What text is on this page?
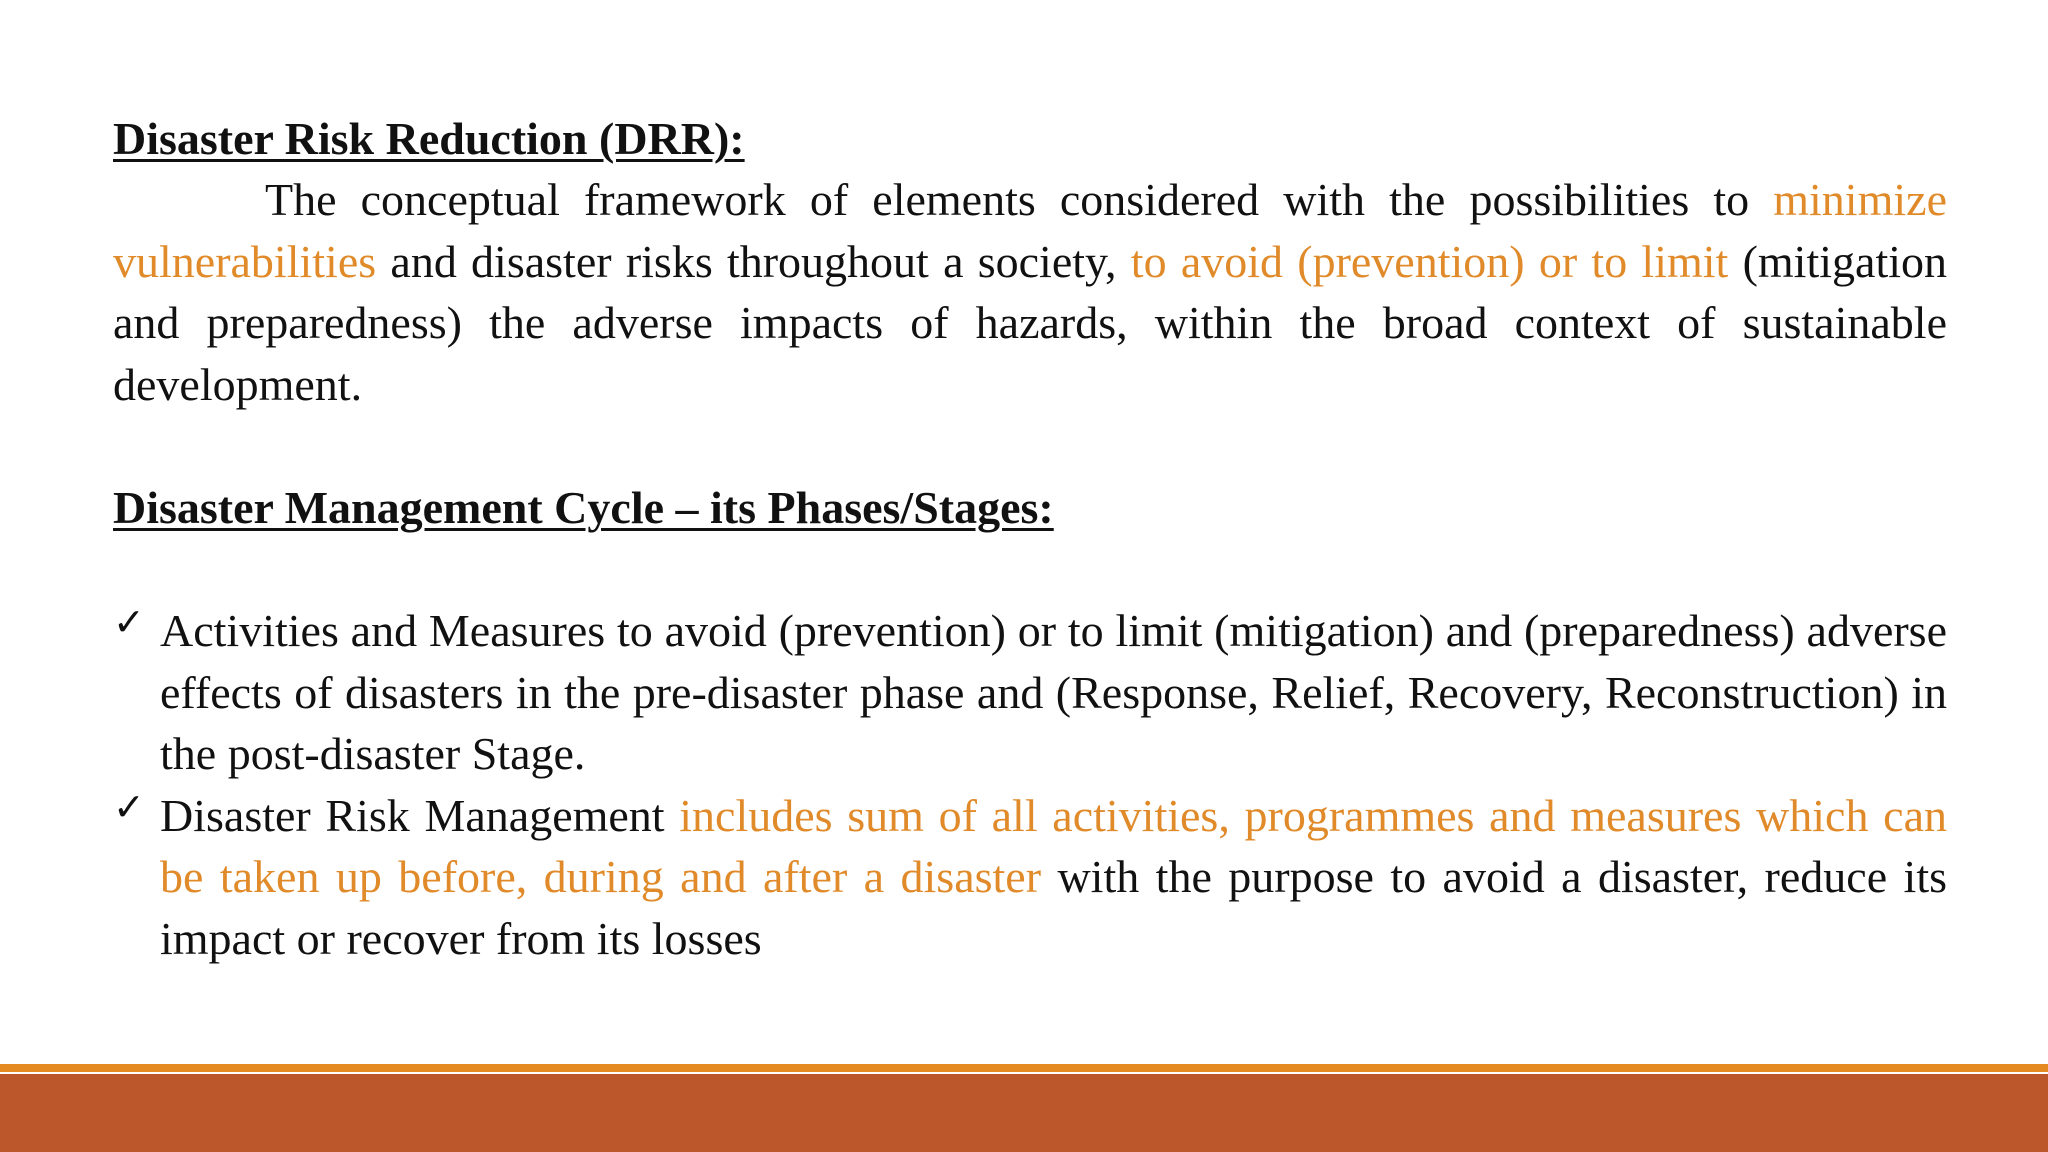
Disaster Risk Reduction (DRR):

The conceptual framework of elements considered with the possibilities to minimize vulnerabilities and disaster risks throughout a society, to avoid (prevention) or to limit (mitigation and preparedness) the adverse impacts of hazards, within the broad context of sustainable development.

Disaster Management Cycle – its Phases/Stages:

✓ Activities and Measures to avoid (prevention) or to limit (mitigation) and (preparedness) adverse effects of disasters in the pre-disaster phase and (Response, Relief, Recovery, Reconstruction) in the post-disaster Stage.
✓ Disaster Risk Management includes sum of all activities, programmes and measures which can be taken up before, during and after a disaster with the purpose to avoid a disaster, reduce its impact or recover from its losses
